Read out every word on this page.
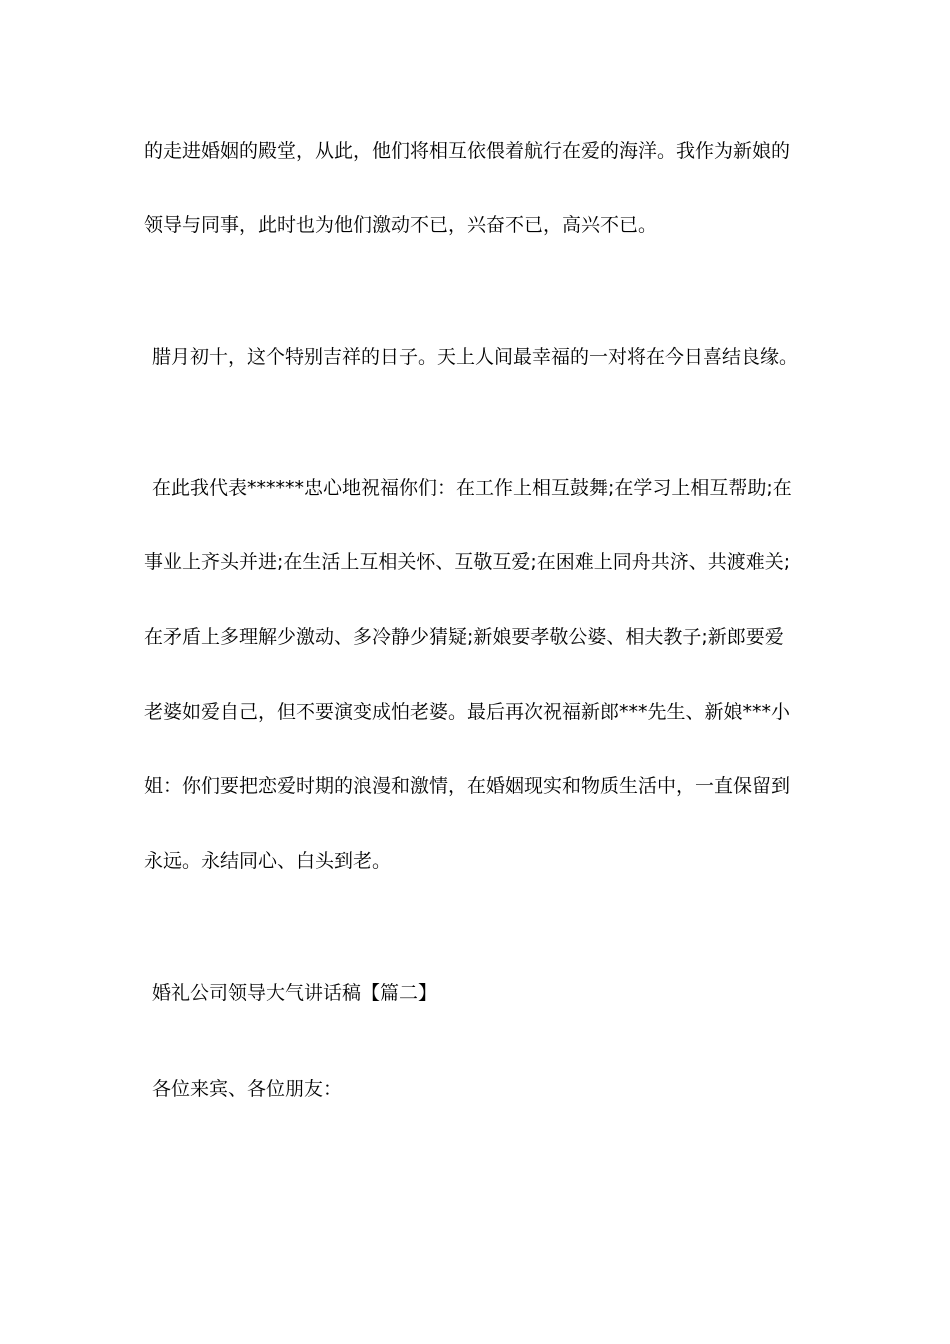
的走进婚姻的殿堂，从此，他们将相互依偎着航行在爱的海洋。我作为新娘的
领导与同事，此时也为他们激动不已，兴奋不已，高兴不已。
腊月初十，这个特别吉祥的日子。天上人间最幸福的一对将在今日喜结良缘。
在此我代表******忠心地祝福你们：在工作上相互鼓舞;在学习上相互帮助;在
事业上齐头并进;在生活上互相关怀、互敬互爱;在困难上同舟共济、共渡难关;
在矛盾上多理解少激动、多冷静少猜疑;新娘要孝敬公婆、相夫教子;新郎要爱
老婆如爱自己，但不要演变成怕老婆。最后再次祝福新郎***先生、新娘***小
姐：你们要把恋爱时期的浪漫和激情，在婚姻现实和物质生活中，一直保留到
永远。永结同心、白头到老。
婚礼公司领导大气讲话稿【篇二】
各位来宾、各位朋友：
